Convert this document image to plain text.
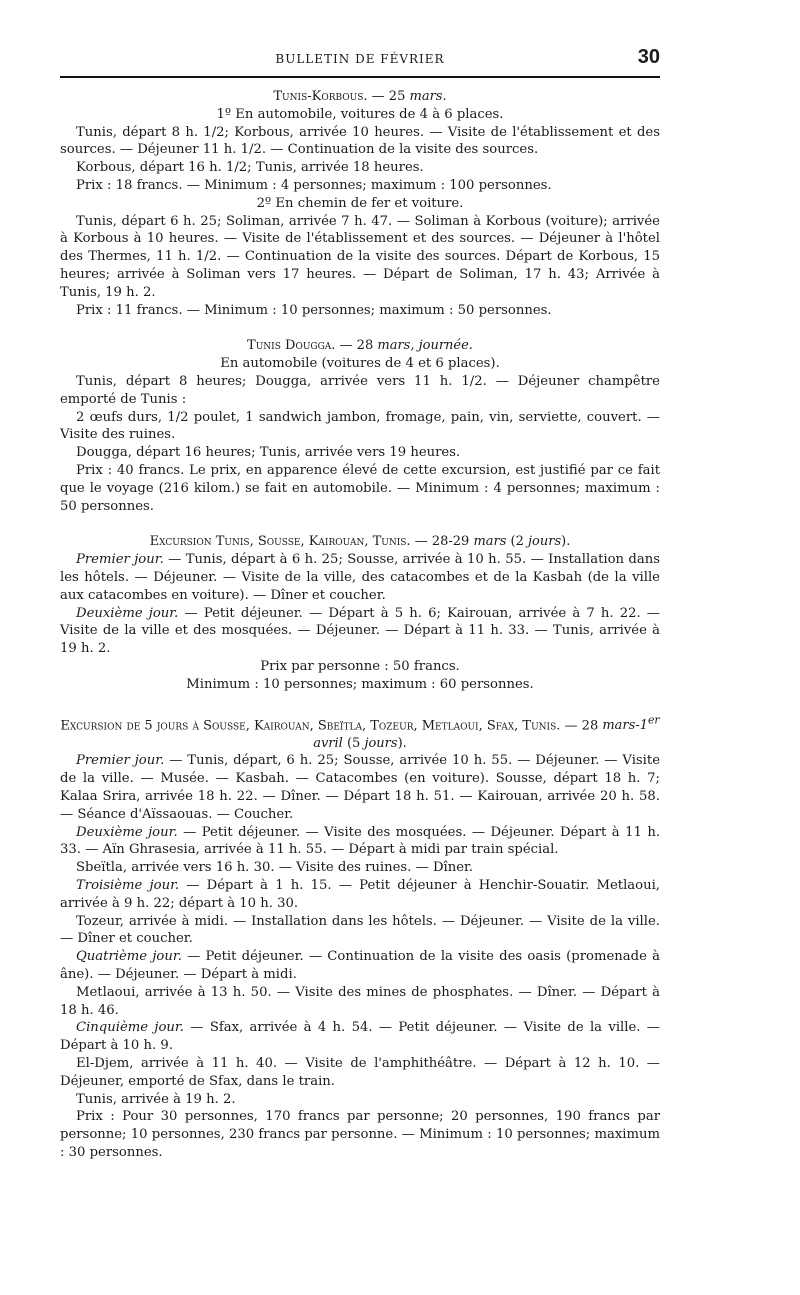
BULLETIN DE FÉVRIER	30

Tunis-Korbous. — 25 mars.

1º En automobile, voitures de 4 à 6 places.

Tunis, départ 8 h. 1/2; Korbous, arrivée 10 heures. — Visite de l'établissement et des sources. — Déjeuner 11 h. 1/2. — Continuation de la visite des sources.

Korbous, départ 16 h. 1/2; Tunis, arrivée 18 heures.

Prix : 18 francs. — Minimum : 4 personnes; maximum : 100 personnes.

2º En chemin de fer et voiture.

Tunis, départ 6 h. 25; Soliman, arrivée 7 h. 47. — Soliman à Korbous (voiture); arrivée à Korbous à 10 heures. — Visite de l'établissement et des sources. — Déjeuner à l'hôtel des Thermes, 11 h. 1/2. — Continuation de la visite des sources. Départ de Korbous, 15 heures; arrivée à Soliman vers 17 heures. — Départ de Soliman, 17 h. 43; Arrivée à Tunis, 19 h. 2.

Prix : 11 francs. — Minimum : 10 personnes; maximum : 50 personnes.

Tunis Dougga. — 28 mars, journée.

En automobile (voitures de 4 et 6 places).

Tunis, départ 8 heures; Dougga, arrivée vers 11 h. 1/2. — Déjeuner champêtre emporté de Tunis :

2 œufs durs, 1/2 poulet, 1 sandwich jambon, fromage, pain, vin, serviette, couvert. — Visite des ruines.

Dougga, départ 16 heures; Tunis, arrivée vers 19 heures.

Prix : 40 francs. Le prix, en apparence élevé de cette excursion, est justifié par ce fait que le voyage (216 kilom.) se fait en automobile. — Minimum : 4 personnes; maximum : 50 personnes.

Excursion Tunis, Sousse, Kairouan, Tunis. — 28-29 mars (2 jours).

Premier jour. — Tunis, départ à 6 h. 25; Sousse, arrivée à 10 h. 55. — Installation dans les hôtels. — Déjeuner. — Visite de la ville, des catacombes et de la Kasbah (de la ville aux catacombes en voiture). — Dîner et coucher.

Deuxième jour. — Petit déjeuner. — Départ à 5 h. 6; Kairouan, arrivée à 7 h. 22. — Visite de la ville et des mosquées. — Déjeuner. — Départ à 11 h. 33. — Tunis, arrivée à 19 h. 2.

Prix par personne : 50 francs.

Minimum : 10 personnes; maximum : 60 personnes.

Excursion de 5 jours à Sousse, Kairouan, Sbeïtla, Tozeur, Metlaoui, Sfax, Tunis. — 28 mars-1er avril (5 jours).

Premier jour. — Tunis, départ, 6 h. 25; Sousse, arrivée 10 h. 55. — Déjeuner. — Visite de la ville. — Musée. — Kasbah. — Catacombes (en voiture). Sousse, départ 18 h. 7; Kalaa Srira, arrivée 18 h. 22. — Dîner. — Départ 18 h. 51. — Kairouan, arrivée 20 h. 58. — Séance d'Aïssaouas. — Coucher.

Deuxième jour. — Petit déjeuner. — Visite des mosquées. — Déjeuner. Départ à 11 h. 33. — Aïn Ghrasesia, arrivée à 11 h. 55. — Départ à midi par train spécial.

Sbeïtla, arrivée vers 16 h. 30. — Visite des ruines. — Dîner.

Troisième jour. — Départ à 1 h. 15. — Petit déjeuner à Henchir-Souatir. Metlaoui, arrivée à 9 h. 22; départ à 10 h. 30.

Tozeur, arrivée à midi. — Installation dans les hôtels. — Déjeuner. — Visite de la ville. — Dîner et coucher.

Quatrième jour. — Petit déjeuner. — Continuation de la visite des oasis (promenade à âne). — Déjeuner. — Départ à midi.

Metlaoui, arrivée à 13 h. 50. — Visite des mines de phosphates. — Dîner. — Départ à 18 h. 46.

Cinquième jour. — Sfax, arrivée à 4 h. 54. — Petit déjeuner. — Visite de la ville. — Départ à 10 h. 9.

El-Djem, arrivée à 11 h. 40. — Visite de l'amphithéâtre. — Départ à 12 h. 10. — Déjeuner, emporté de Sfax, dans le train.

Tunis, arrivée à 19 h. 2.

Prix : Pour 30 personnes, 170 francs par personne; 20 personnes, 190 francs par personne; 10 personnes, 230 francs par personne. — Minimum : 10 personnes; maximum : 30 personnes.
